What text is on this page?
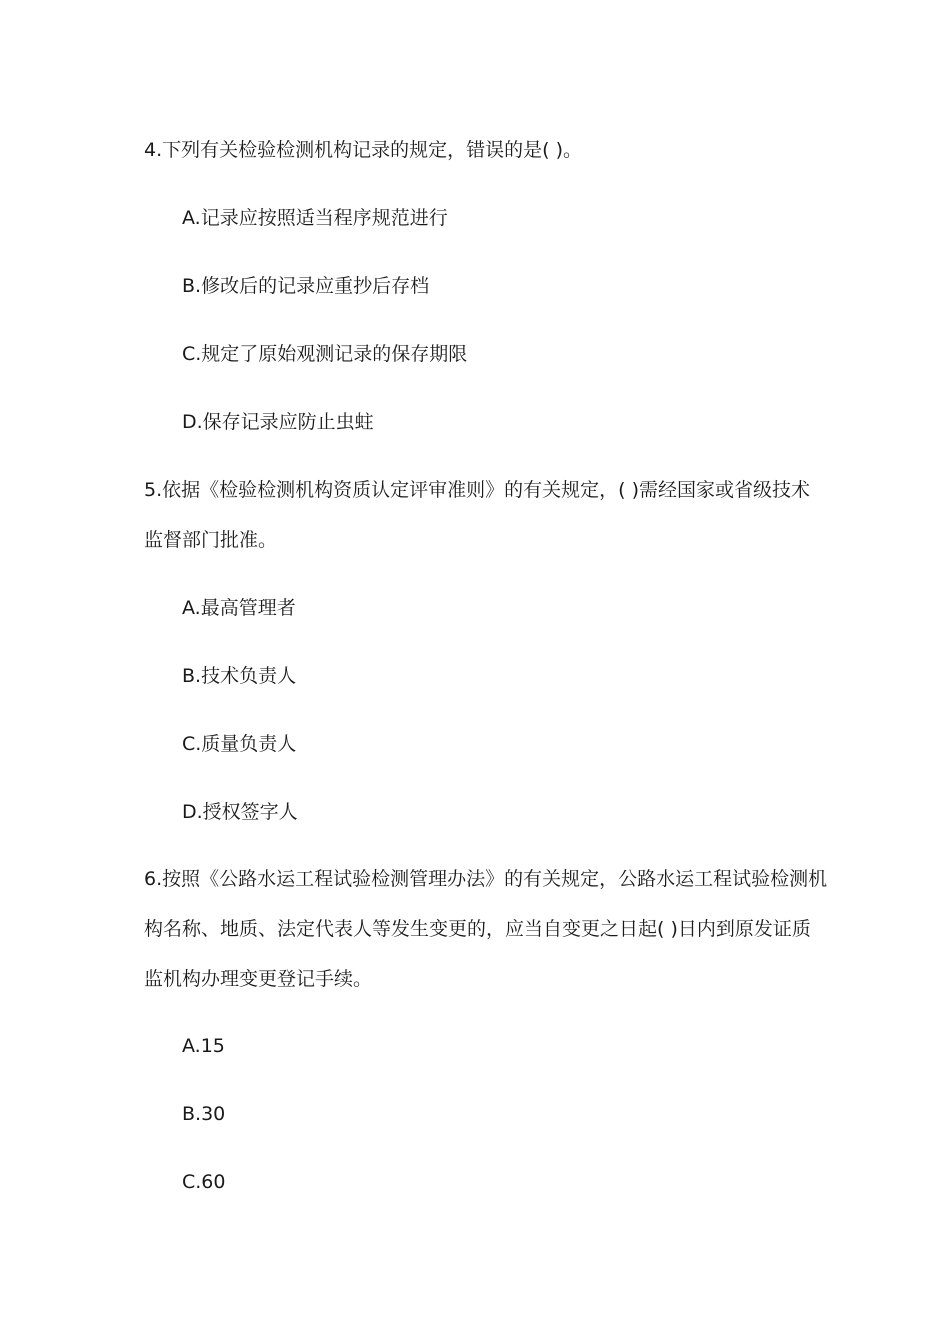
4.下列有关检验检测机构记录的规定，错误的是( )。

A.记录应按照适当程序规范进行

B.修改后的记录应重抄后存档

C.规定了原始观测记录的保存期限

D.保存记录应防止虫蛀

5.依据《检验检测机构资质认定评审准则》的有关规定，( )需经国家或省级技术

监督部门批准。

A.最高管理者

B.技术负责人

C.质量负责人

D.授权签字人

6.按照《公路水运工程试验检测管理办法》的有关规定，公路水运工程试验检测机

构名称、地质、法定代表人等发生变更的，应当自变更之日起( )日内到原发证质

监机构办理变更登记手续。

A.15

B.30

C.60
